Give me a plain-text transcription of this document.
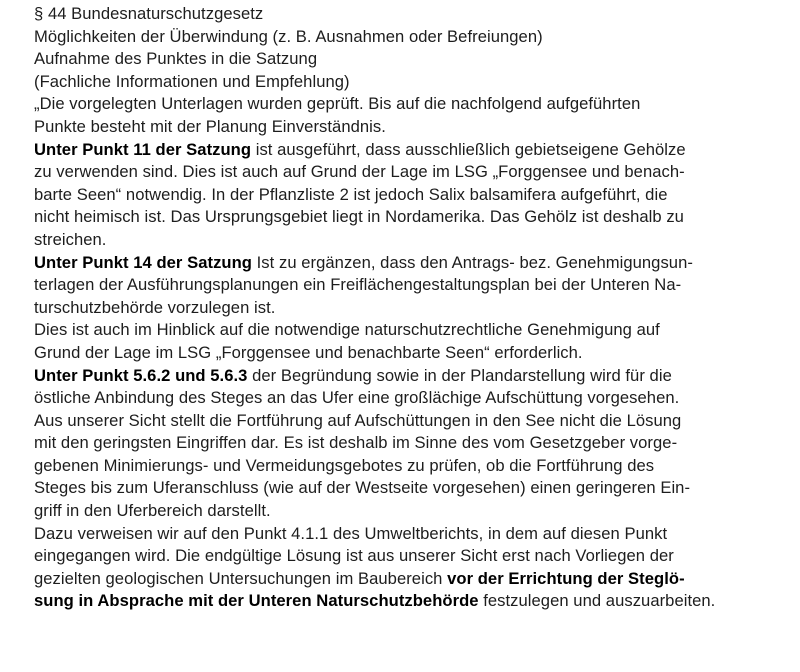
§ 44 Bundesnaturschutzgesetz
Möglichkeiten der Überwindung (z. B. Ausnahmen oder Befreiungen)
Aufnahme des Punktes in die Satzung
(Fachliche Informationen und Empfehlung)
„Die vorgelegten Unterlagen wurden geprüft. Bis auf die nachfolgend aufgeführten
Punkte besteht mit der Planung Einverständnis.
Unter Punkt 11 der Satzung ist ausgeführt, dass ausschließlich gebietseigene Gehölze
zu verwenden sind. Dies ist auch auf Grund der Lage im LSG „Forggensee und benach-
barte Seen“ notwendig. In der Pflanzliste 2 ist jedoch Salix balsamifera aufgeführt, die
nicht heimisch ist. Das Ursprungsgebiet liegt in Nordamerika. Das Gehölz ist deshalb zu
streichen.
Unter Punkt 14 der Satzung Ist zu ergänzen, dass den Antrags- bez. Genehmigungsun-
terlagen der Ausführungsplanungen ein Freiflächengestaltungsplan bei der Unteren Na-
turschutzbehörde vorzulegen ist.
Dies ist auch im Hinblick auf die notwendige naturschutzrechtliche Genehmigung auf
Grund der Lage im LSG „Forggensee und benachbarte Seen“ erforderlich.
Unter Punkt 5.6.2 und 5.6.3 der Begründung sowie in der Plandarstellung wird für die
östliche Anbindung des Steges an das Ufer eine großlächige Aufschüttung vorgesehen.
Aus unserer Sicht stellt die Fortführung auf Aufschüttungen in den See nicht die Lösung
mit den geringsten Eingriffen dar. Es ist deshalb im Sinne des vom Gesetzgeber vorge-
gebenen Minimierungs- und Vermeidungsgebotes zu prüfen, ob die Fortführung des
Steges bis zum Uferanschluss (wie auf der Westseite vorgesehen) einen geringeren Ein-
griff in den Uferbereich darstellt.
Dazu verweisen wir auf den Punkt 4.1.1 des Umweltberichts, in dem auf diesen Punkt
eingegangen wird. Die endgültige Lösung ist aus unserer Sicht erst nach Vorliegen der
gezielten geologischen Untersuchungen im Baubereich vor der Errichtung der Steglö-
sung in Absprache mit der Unteren Naturschutzbehörde festzulegen und auszuarbeiten.
